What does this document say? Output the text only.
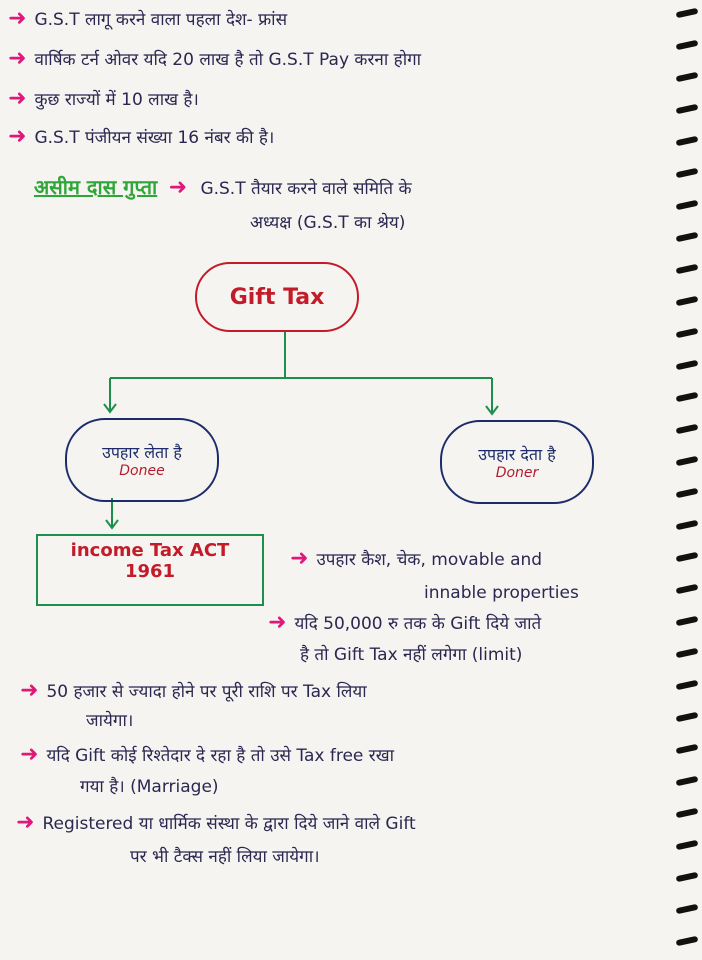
➜ G.S.T लागू करने वाला पहला देश- फ्रांस
➜ वार्षिक टर्न ओवर यदि 20 लाख है तो G.S.T Pay करना होगा
➜ कुछ राज्यों में 10 लाख है।
➜ G.S.T पंजीयन संख्या 16 नंबर की है।
असीम दास गुप्ता ➜ G.S.T तैयार करने वाले समिति के
अध्यक्ष (G.S.T का श्रेय)
Gift Tax
उपहार लेता है
Donee
उपहार देता है
Doner
income Tax ACT
1961
➜ उपहार कैश, चेक, movable and
innable properties
➜ यदि 50,000 रु तक के Gift दिये जाते
है तो Gift Tax नहीं लगेगा (limit)
➜ 50 हजार से ज्यादा होने पर पूरी राशि पर Tax लिया
जायेगा।
➜ यदि Gift कोई रिश्तेदार दे रहा है तो उसे Tax free रखा
गया है। (Marriage)
➜ Registered या धार्मिक संस्था के द्वारा दिये जाने वाले Gift
पर भी टैक्स नहीं लिया जायेगा।
